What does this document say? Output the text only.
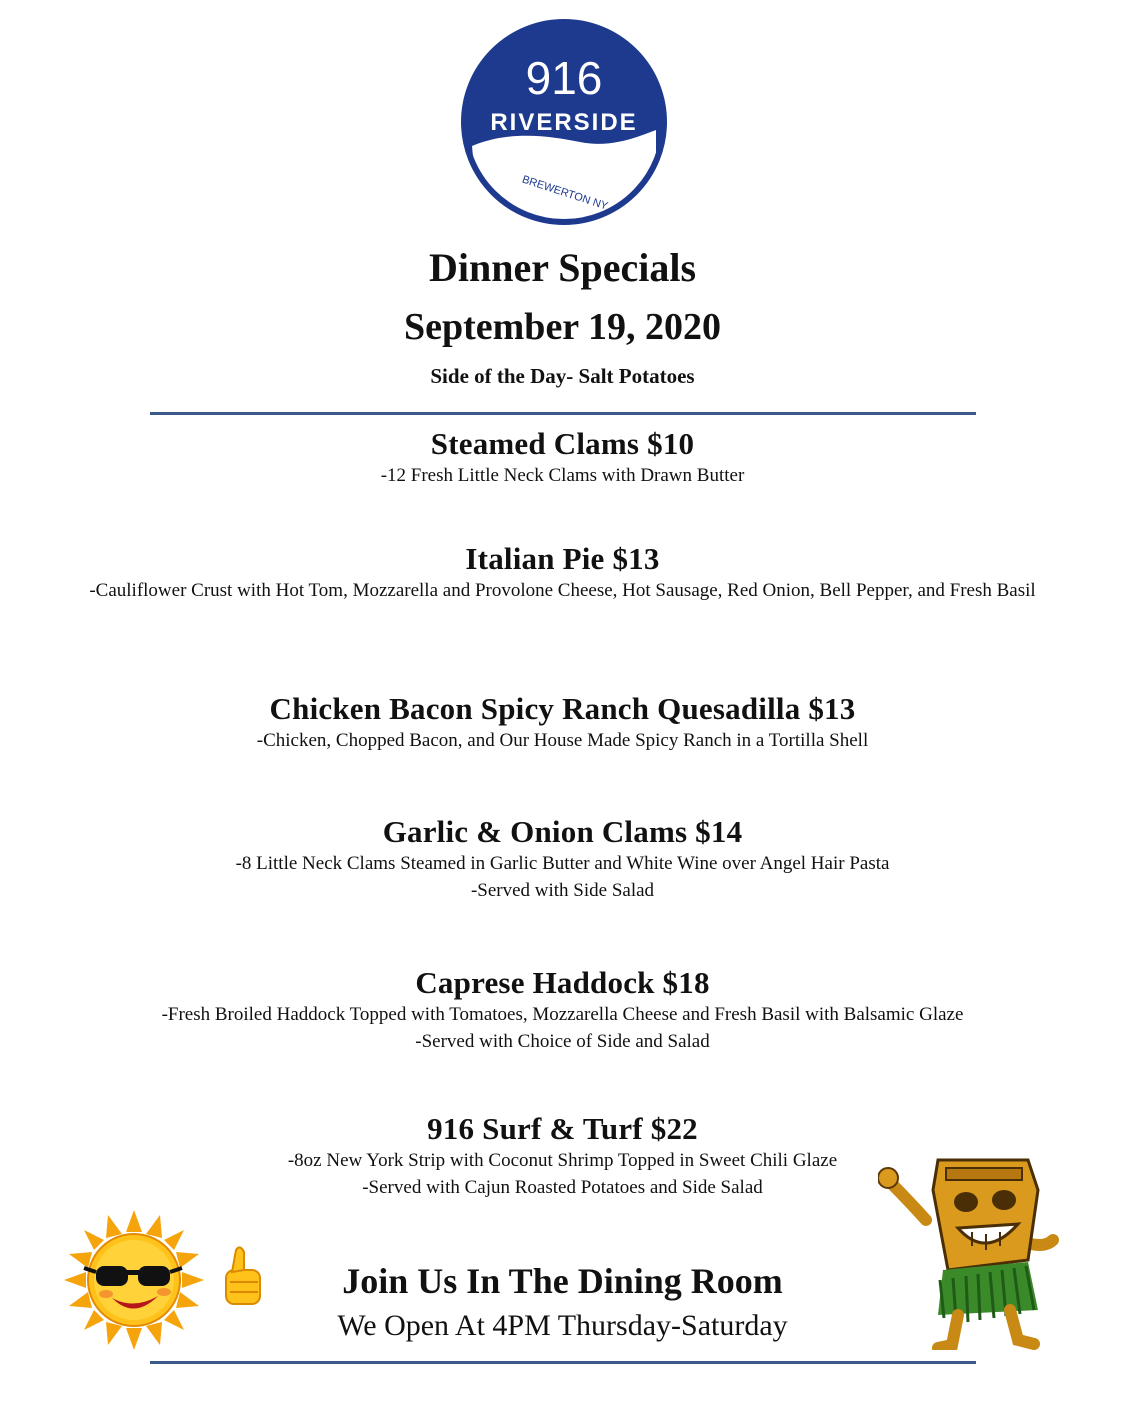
916
RIVERSIDE
BREWERTON NY
Dinner Specials
September 19, 2020
Side of the Day- Salt Potatoes
Steamed Clams $10
-12 Fresh Little Neck Clams with Drawn Butter
Italian Pie $13
-Cauliflower Crust with Hot Tom, Mozzarella and Provolone Cheese, Hot Sausage, Red Onion, Bell Pepper, and Fresh Basil
Chicken Bacon Spicy Ranch Quesadilla $13
-Chicken, Chopped Bacon, and Our House Made Spicy Ranch in a Tortilla Shell
Garlic & Onion Clams $14
-8 Little Neck Clams Steamed in Garlic Butter and White Wine over Angel Hair Pasta
-Served with Side Salad
Caprese Haddock $18
-Fresh Broiled Haddock Topped with Tomatoes, Mozzarella Cheese and Fresh Basil with Balsamic Glaze
-Served with Choice of Side and Salad
916 Surf & Turf $22
-8oz New York Strip with Coconut Shrimp Topped in Sweet Chili Glaze
-Served with Cajun Roasted Potatoes and Side Salad
Join Us In The Dining Room
We Open At 4PM Thursday-Saturday
